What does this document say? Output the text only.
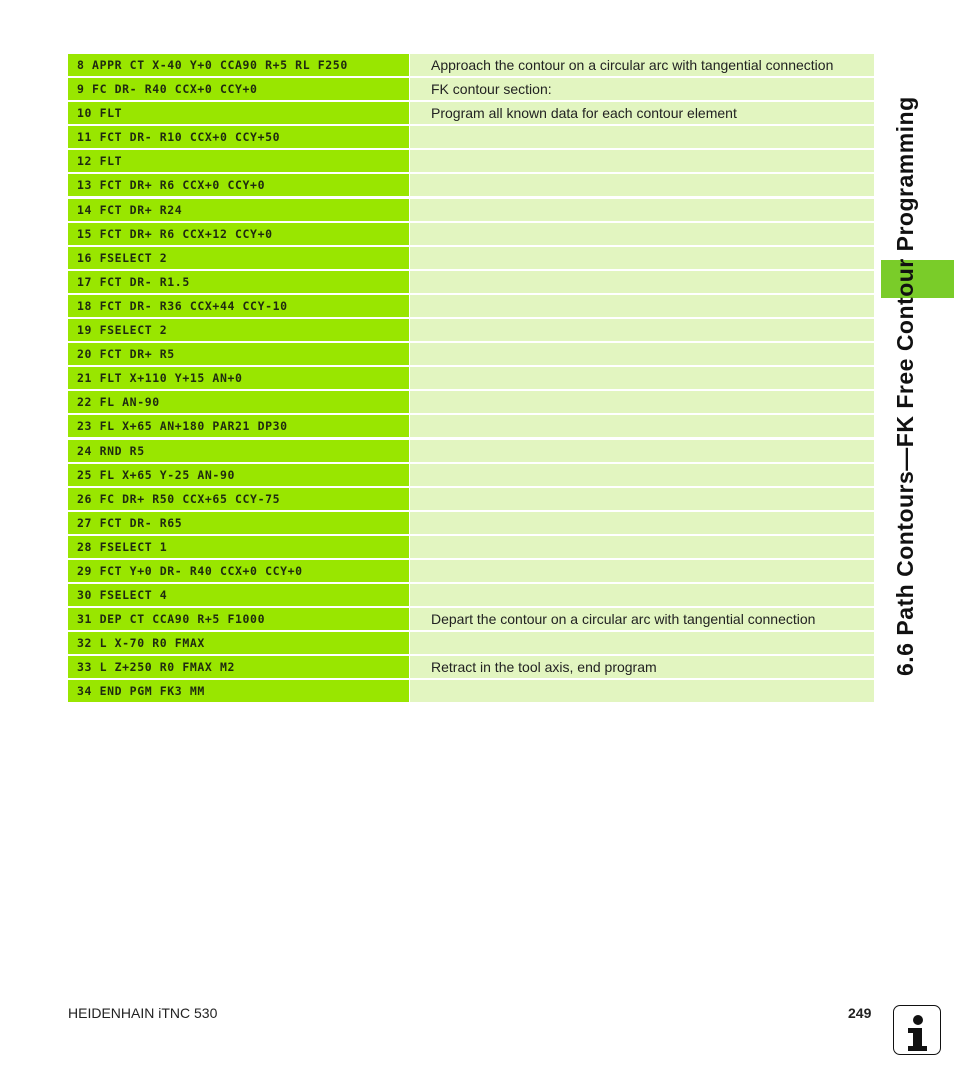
8 APPR CT X-40 Y+0 CCA90 R+5 RL F250	Approach the contour on a circular arc with tangential connection
9 FC DR- R40 CCX+0 CCY+0	FK contour section:
10 FLT	Program all known data for each contour element
11 FCT DR- R10 CCX+0 CCY+50
12 FLT
13 FCT DR+ R6 CCX+0 CCY+0
14 FCT DR+ R24
15 FCT DR+ R6 CCX+12 CCY+0
16 FSELECT 2
17 FCT DR- R1.5
18 FCT DR- R36 CCX+44 CCY-10
19 FSELECT 2
20 FCT DR+ R5
21 FLT X+110 Y+15 AN+0
22 FL AN-90
23 FL X+65 AN+180 PAR21 DP30
24 RND R5
25 FL X+65 Y-25 AN-90
26 FC DR+ R50 CCX+65 CCY-75
27 FCT DR- R65
28 FSELECT 1
29 FCT Y+0 DR- R40 CCX+0 CCY+0
30 FSELECT 4
31 DEP CT CCA90 R+5 F1000	Depart the contour on a circular arc with tangential connection
32 L X-70 R0 FMAX
33 L Z+250 R0 FMAX M2	Retract in the tool axis, end program
34 END PGM FK3 MM
6.6 Path Contours—FK Free Contour Programming
HEIDENHAIN iTNC 530	249
